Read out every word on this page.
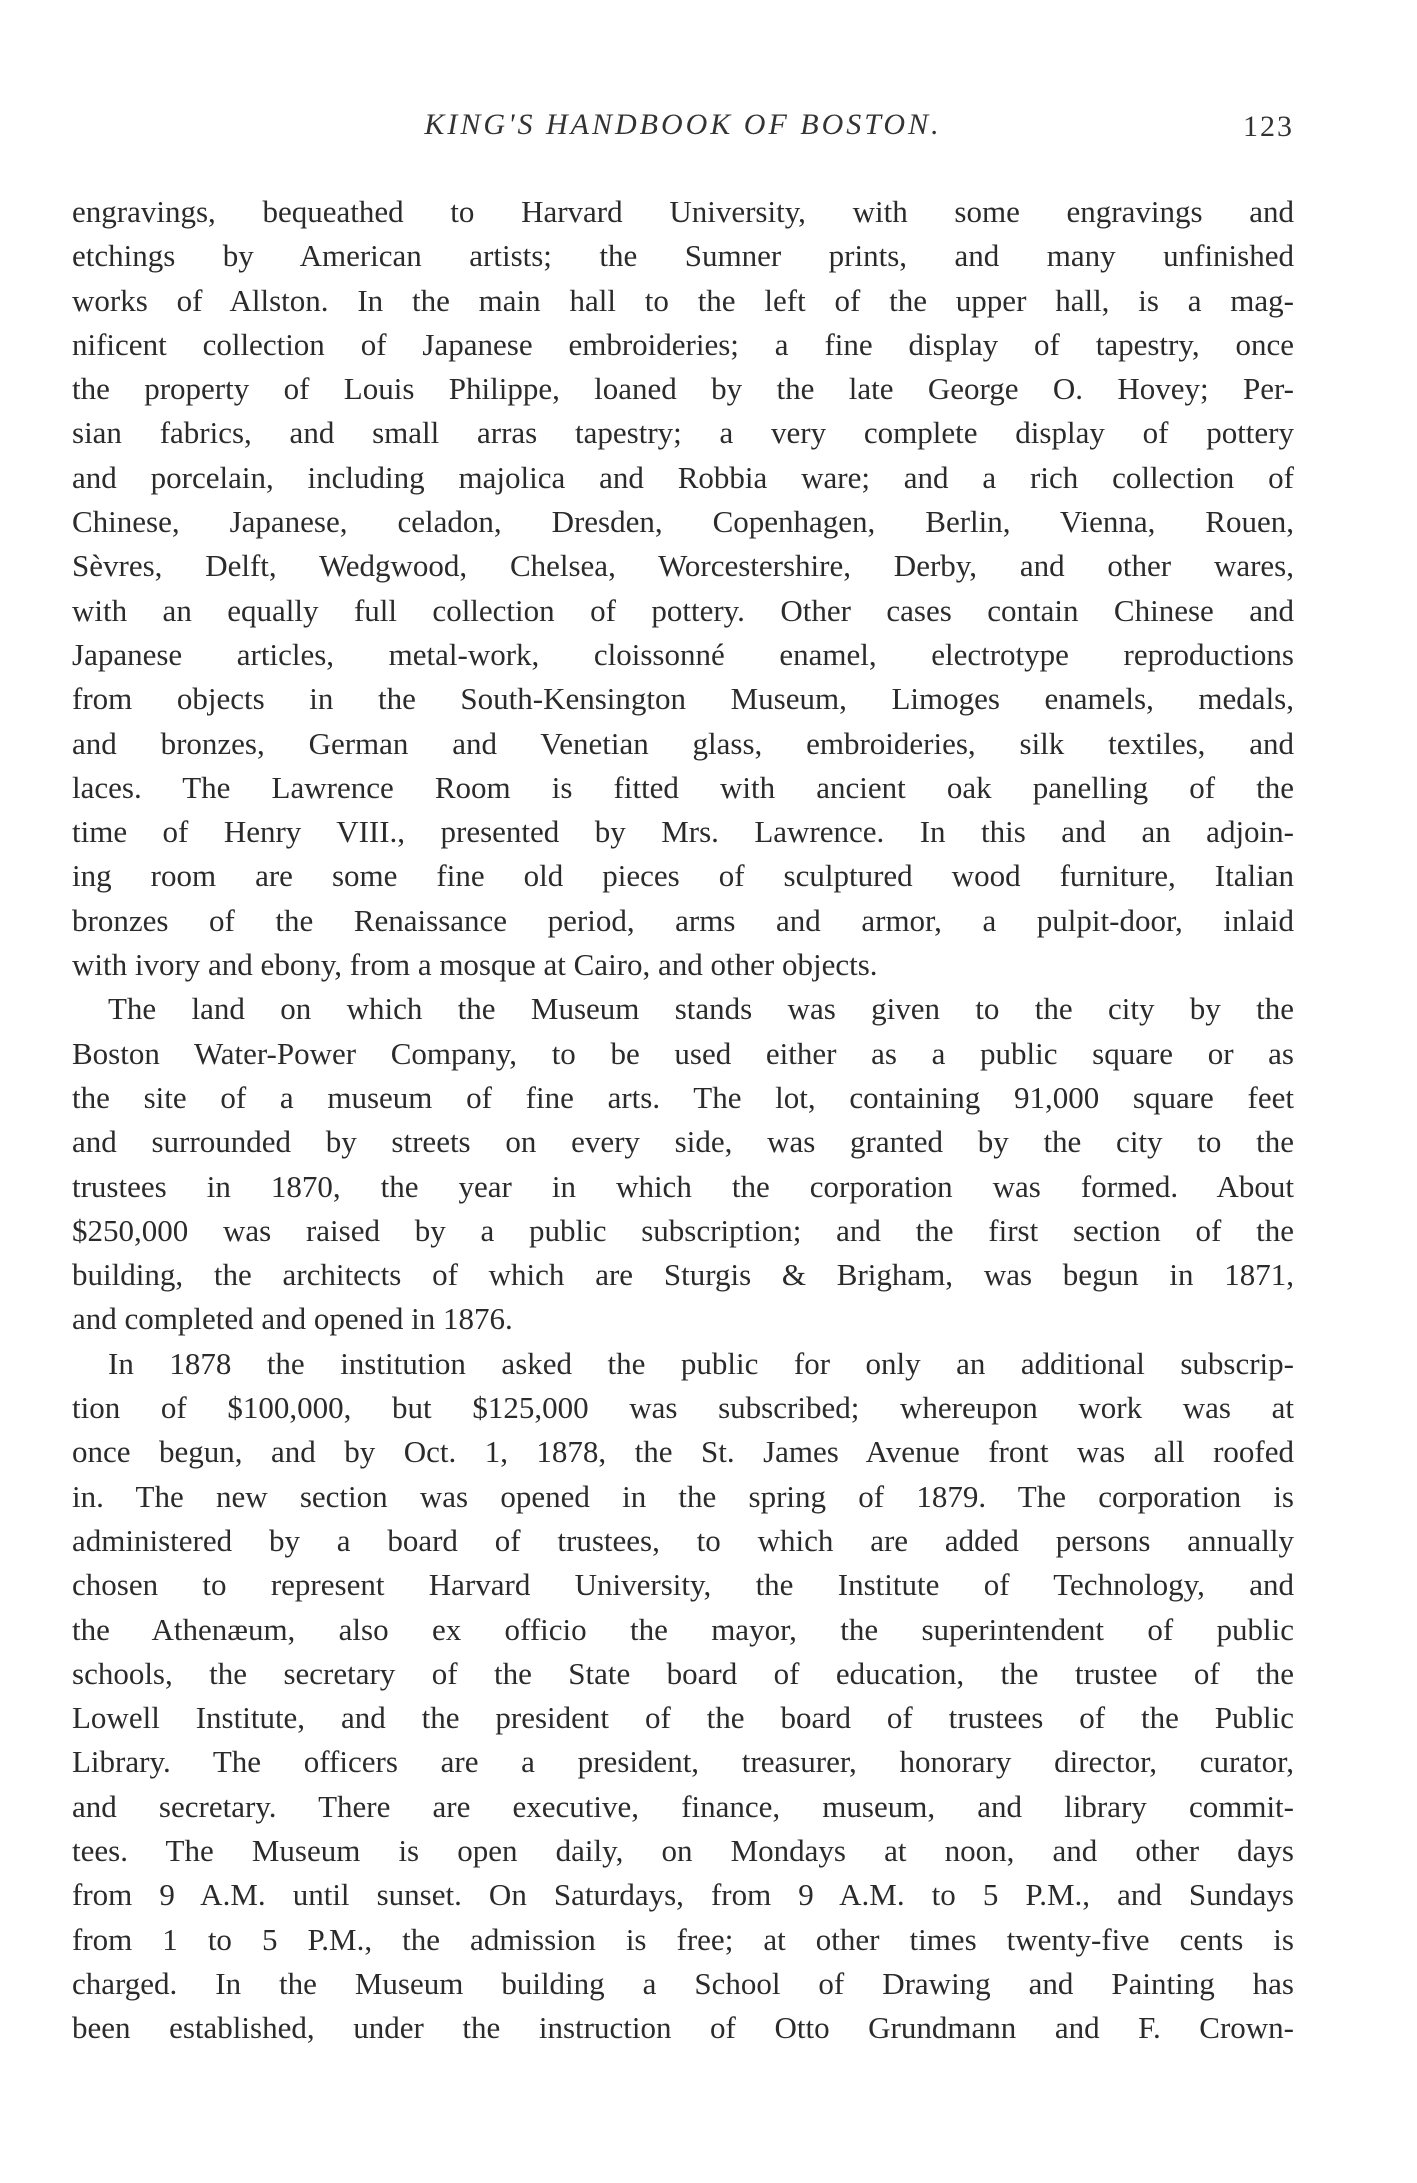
KING'S HANDBOOK OF BOSTON.	123
engravings, bequeathed to Harvard University, with some engravings and
etchings by American artists; the Sumner prints, and many unfinished
works of Allston. In the main hall to the left of the upper hall, is a mag-
nificent collection of Japanese embroideries; a fine display of tapestry, once
the property of Louis Philippe, loaned by the late George O. Hovey; Per-
sian fabrics, and small arras tapestry; a very complete display of pottery
and porcelain, including majolica and Robbia ware; and a rich collection of
Chinese, Japanese, celadon, Dresden, Copenhagen, Berlin, Vienna, Rouen,
Sèvres, Delft, Wedgwood, Chelsea, Worcestershire, Derby, and other wares,
with an equally full collection of pottery. Other cases contain Chinese and
Japanese articles, metal-work, cloissonné enamel, electrotype reproductions
from objects in the South-Kensington Museum, Limoges enamels, medals,
and bronzes, German and Venetian glass, embroideries, silk textiles, and
laces. The Lawrence Room is fitted with ancient oak panelling of the
time of Henry VIII., presented by Mrs. Lawrence. In this and an adjoin-
ing room are some fine old pieces of sculptured wood furniture, Italian
bronzes of the Renaissance period, arms and armor, a pulpit-door, inlaid
with ivory and ebony, from a mosque at Cairo, and other objects.
The land on which the Museum stands was given to the city by the
Boston Water-Power Company, to be used either as a public square or as
the site of a museum of fine arts. The lot, containing 91,000 square feet
and surrounded by streets on every side, was granted by the city to the
trustees in 1870, the year in which the corporation was formed. About
$250,000 was raised by a public subscription; and the first section of the
building, the architects of which are Sturgis & Brigham, was begun in 1871,
and completed and opened in 1876.
In 1878 the institution asked the public for only an additional subscrip-
tion of $100,000, but $125,000 was subscribed; whereupon work was at
once begun, and by Oct. 1, 1878, the St. James Avenue front was all roofed
in. The new section was opened in the spring of 1879. The corporation is
administered by a board of trustees, to which are added persons annually
chosen to represent Harvard University, the Institute of Technology, and
the Athenæum, also ex officio the mayor, the superintendent of public
schools, the secretary of the State board of education, the trustee of the
Lowell Institute, and the president of the board of trustees of the Public
Library. The officers are a president, treasurer, honorary director, curator,
and secretary. There are executive, finance, museum, and library commit-
tees. The Museum is open daily, on Mondays at noon, and other days
from 9 A.M. until sunset. On Saturdays, from 9 A.M. to 5 P.M., and Sundays
from 1 to 5 P.M., the admission is free; at other times twenty-five cents is
charged. In the Museum building a School of Drawing and Painting has
been established, under the instruction of Otto Grundmann and F. Crown-
